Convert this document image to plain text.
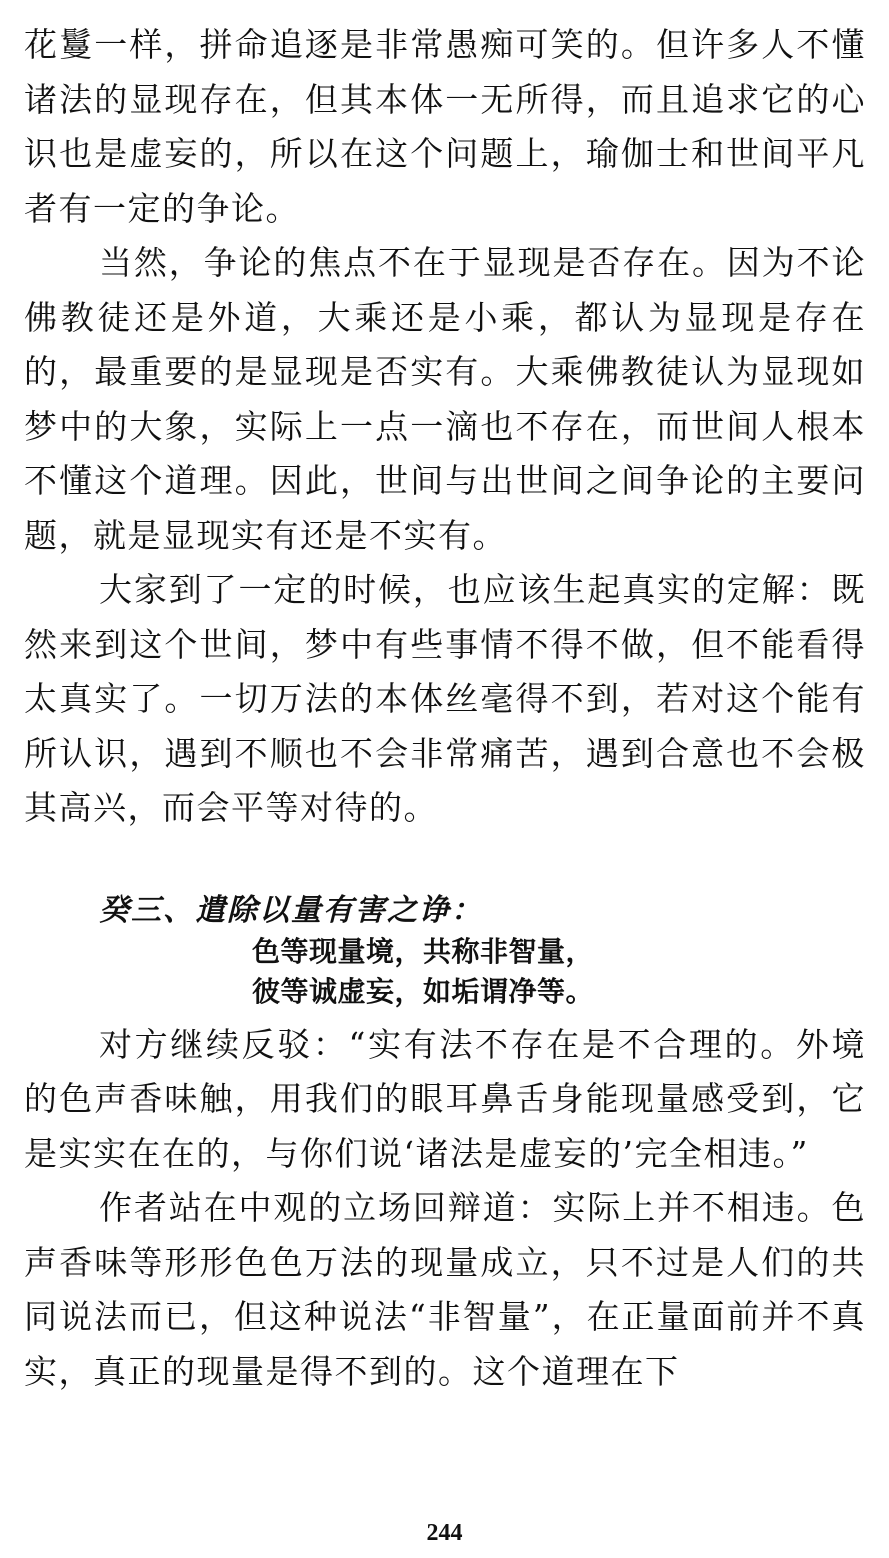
花鬘一样，拼命追逐是非常愚痴可笑的。但许多人不懂诸法的显现存在，但其本体一无所得，而且追求它的心识也是虚妄的，所以在这个问题上，瑜伽士和世间平凡者有一定的争论。

当然，争论的焦点不在于显现是否存在。因为不论佛教徒还是外道，大乘还是小乘，都认为显现是存在的，最重要的是显现是否实有。大乘佛教徒认为显现如梦中的大象，实际上一点一滴也不存在，而世间人根本不懂这个道理。因此，世间与出世间之间争论的主要问题，就是显现实有还是不实有。

大家到了一定的时候，也应该生起真实的定解：既然来到这个世间，梦中有些事情不得不做，但不能看得太真实了。一切万法的本体丝毫得不到，若对这个能有所认识，遇到不顺也不会非常痛苦，遇到合意也不会极其高兴，而会平等对待的。

癸三、遣除以量有害之诤：

色等现量境，共称非智量，

彼等诚虚妄，如垢谓净等。

对方继续反驳：“实有法不存在是不合理的。外境的色声香味触，用我们的眼耳鼻舌身能现量感受到，它是实实在在的，与你们说‘诸法是虚妄的’完全相违。”

作者站在中观的立场回辩道：实际上并不相违。色声香味等形形色色万法的现量成立，只不过是人们的共同说法而已，但这种说法“非智量”，在正量面前并不真实，真正的现量是得不到的。这个道理在下

244
